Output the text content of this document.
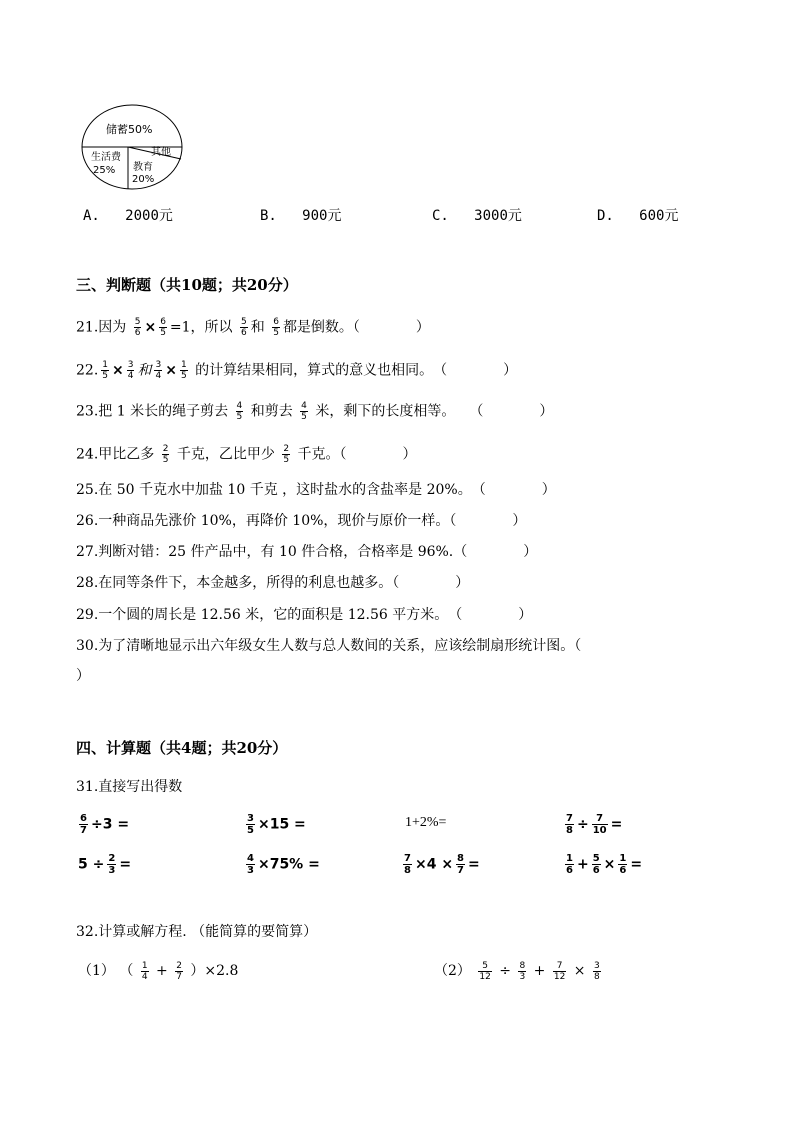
储蓄50%
其他
生活费
25% 教育
20%
A. 2000元	B. 900元	C. 3000元	D. 600元
三、判断题（共10题；共20分）
21.因为 $\frac{5}{6} \times \frac{6}{5} =1$，所以 $\frac{5}{6}$ 和 $\frac{6}{5}$ 都是倒数。（　　　　）
22. $\frac{1}{5} \times \frac{3}{4}$ 和 $\frac{3}{4} \times \frac{1}{5}$ 的计算结果相同，算式的意义也相同。　（　　　　）
23.把 1 米长的绳子剪去 $\frac{4}{5}$ 和剪去 $\frac{4}{5}$ 米，剩下的长度相等。　　（　　　　）
24.甲比乙多 $\frac{2}{5}$ 千克，乙比甲少 $\frac{2}{5}$ 千克。（　　　　）
25.在 50 千克水中加盐 10 千克 ，这时盐水的含盐率是 20%。　（　　　　）
26.一种商品先涨价 10%，再降价 10%，现价与原价一样。（　　　　）
27.判断对错：25 件产品中，有 10 件合格，合格率是 96%.（　　　　）
28.在同等条件下，本金越多，所得的利息也越多。（　　　　）
29.一个圆的周长是 12.56 米，它的面积是 12.56 平方米。　（　　　　）
30.为了清晰地显示出六年级女生人数与总人数间的关系，应该绘制扇形统计图。（
）
四、计算题（共4题；共20分）
31.直接写出得数
$\frac{6}{7} \div 3$ =	$\frac{3}{5} \times 15$ =	1+2%=	$\frac{7}{8} \div \frac{7}{10}$ =
$5 \div \frac{2}{3}$ =	$\frac{4}{3} \times 75\%$ =	$\frac{7}{8} \times 4 \times \frac{8}{7}$ =	$\frac{1}{6} + \frac{5}{6} \times \frac{1}{6}$ =
32.计算或解方程. （能简算的要简算）
（1） （ $\frac{1}{4} + \frac{2}{7} )\times 2.8$	$(2) \frac{5}{12} \div \frac{8}{3} + \frac{7}{12} \times \frac{3}{8}$
